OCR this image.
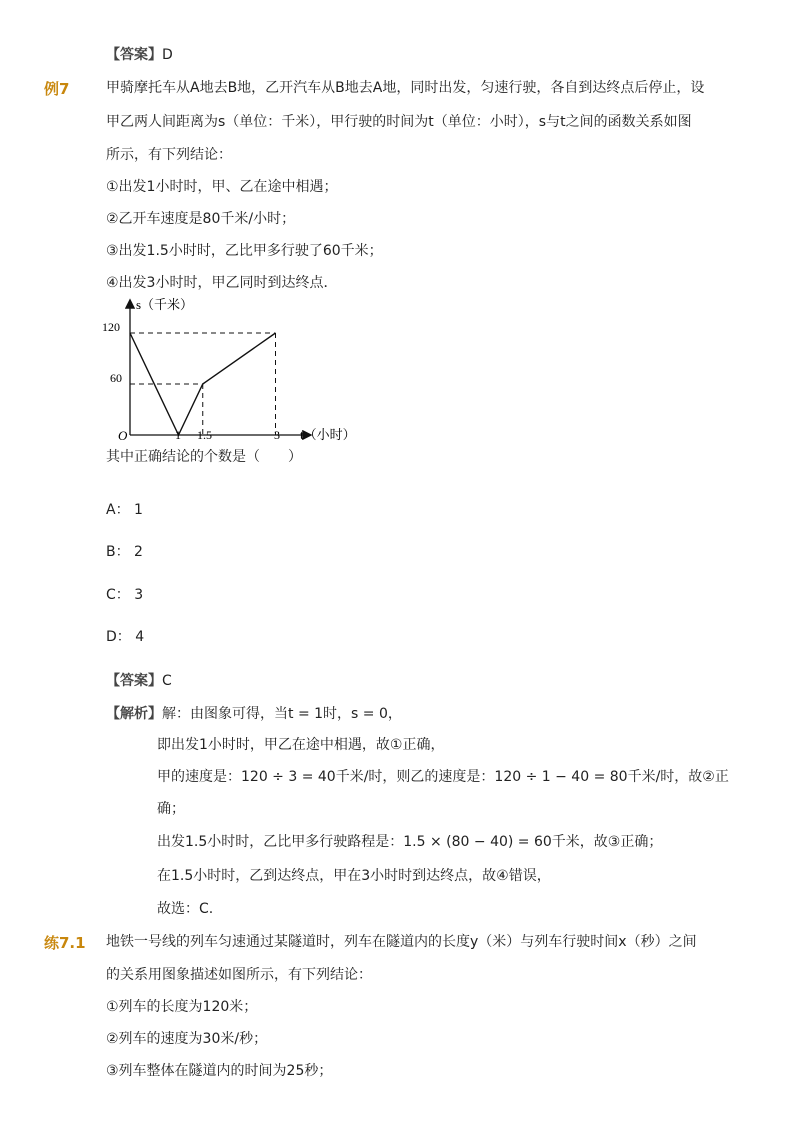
【答案】D
例7	甲骑摩托车从A地去B地，乙开汽车从B地去A地，同时出发，匀速行驶，各自到达终点后停止，设
甲乙两人间距离为s（单位：千米），甲行驶的时间为t（单位：小时），s与t之间的函数关系如图
所示，有下列结论：
①出发1小时时，甲、乙在途中相遇；
②乙开车速度是80千米/小时；
③出发1.5小时时，乙比甲多行驶了60千米；
④出发3小时时，甲乙同时到达终点．
O
s（千米）
t（小时）
60
120
1 1.5	3
其中正确结论的个数是（　　）
A： 1
B： 2
C： 3
D： 4
【答案】C
【解析】解：由图象可得，当t = 1时，s = 0，
即出发1小时时，甲乙在途中相遇，故①正确，
甲的速度是：120 ÷ 3 = 40千米/时，则乙的速度是：120 ÷ 1 − 40 = 80千米/时，故②正
确；
出发1.5小时时，乙比甲多行驶路程是：1.5 × (80 − 40) = 60千米，故③正确；
在1.5小时时，乙到达终点，甲在3小时时到达终点，故④错误，
故选：C.
练7.1 地铁一号线的列车匀速通过某隧道时，列车在隧道内的长度y（米）与列车行驶时间x（秒）之间
的关系用图象描述如图所示，有下列结论：
①列车的长度为120米；
②列车的速度为30米/秒；
③列车整体在隧道内的时间为25秒；
